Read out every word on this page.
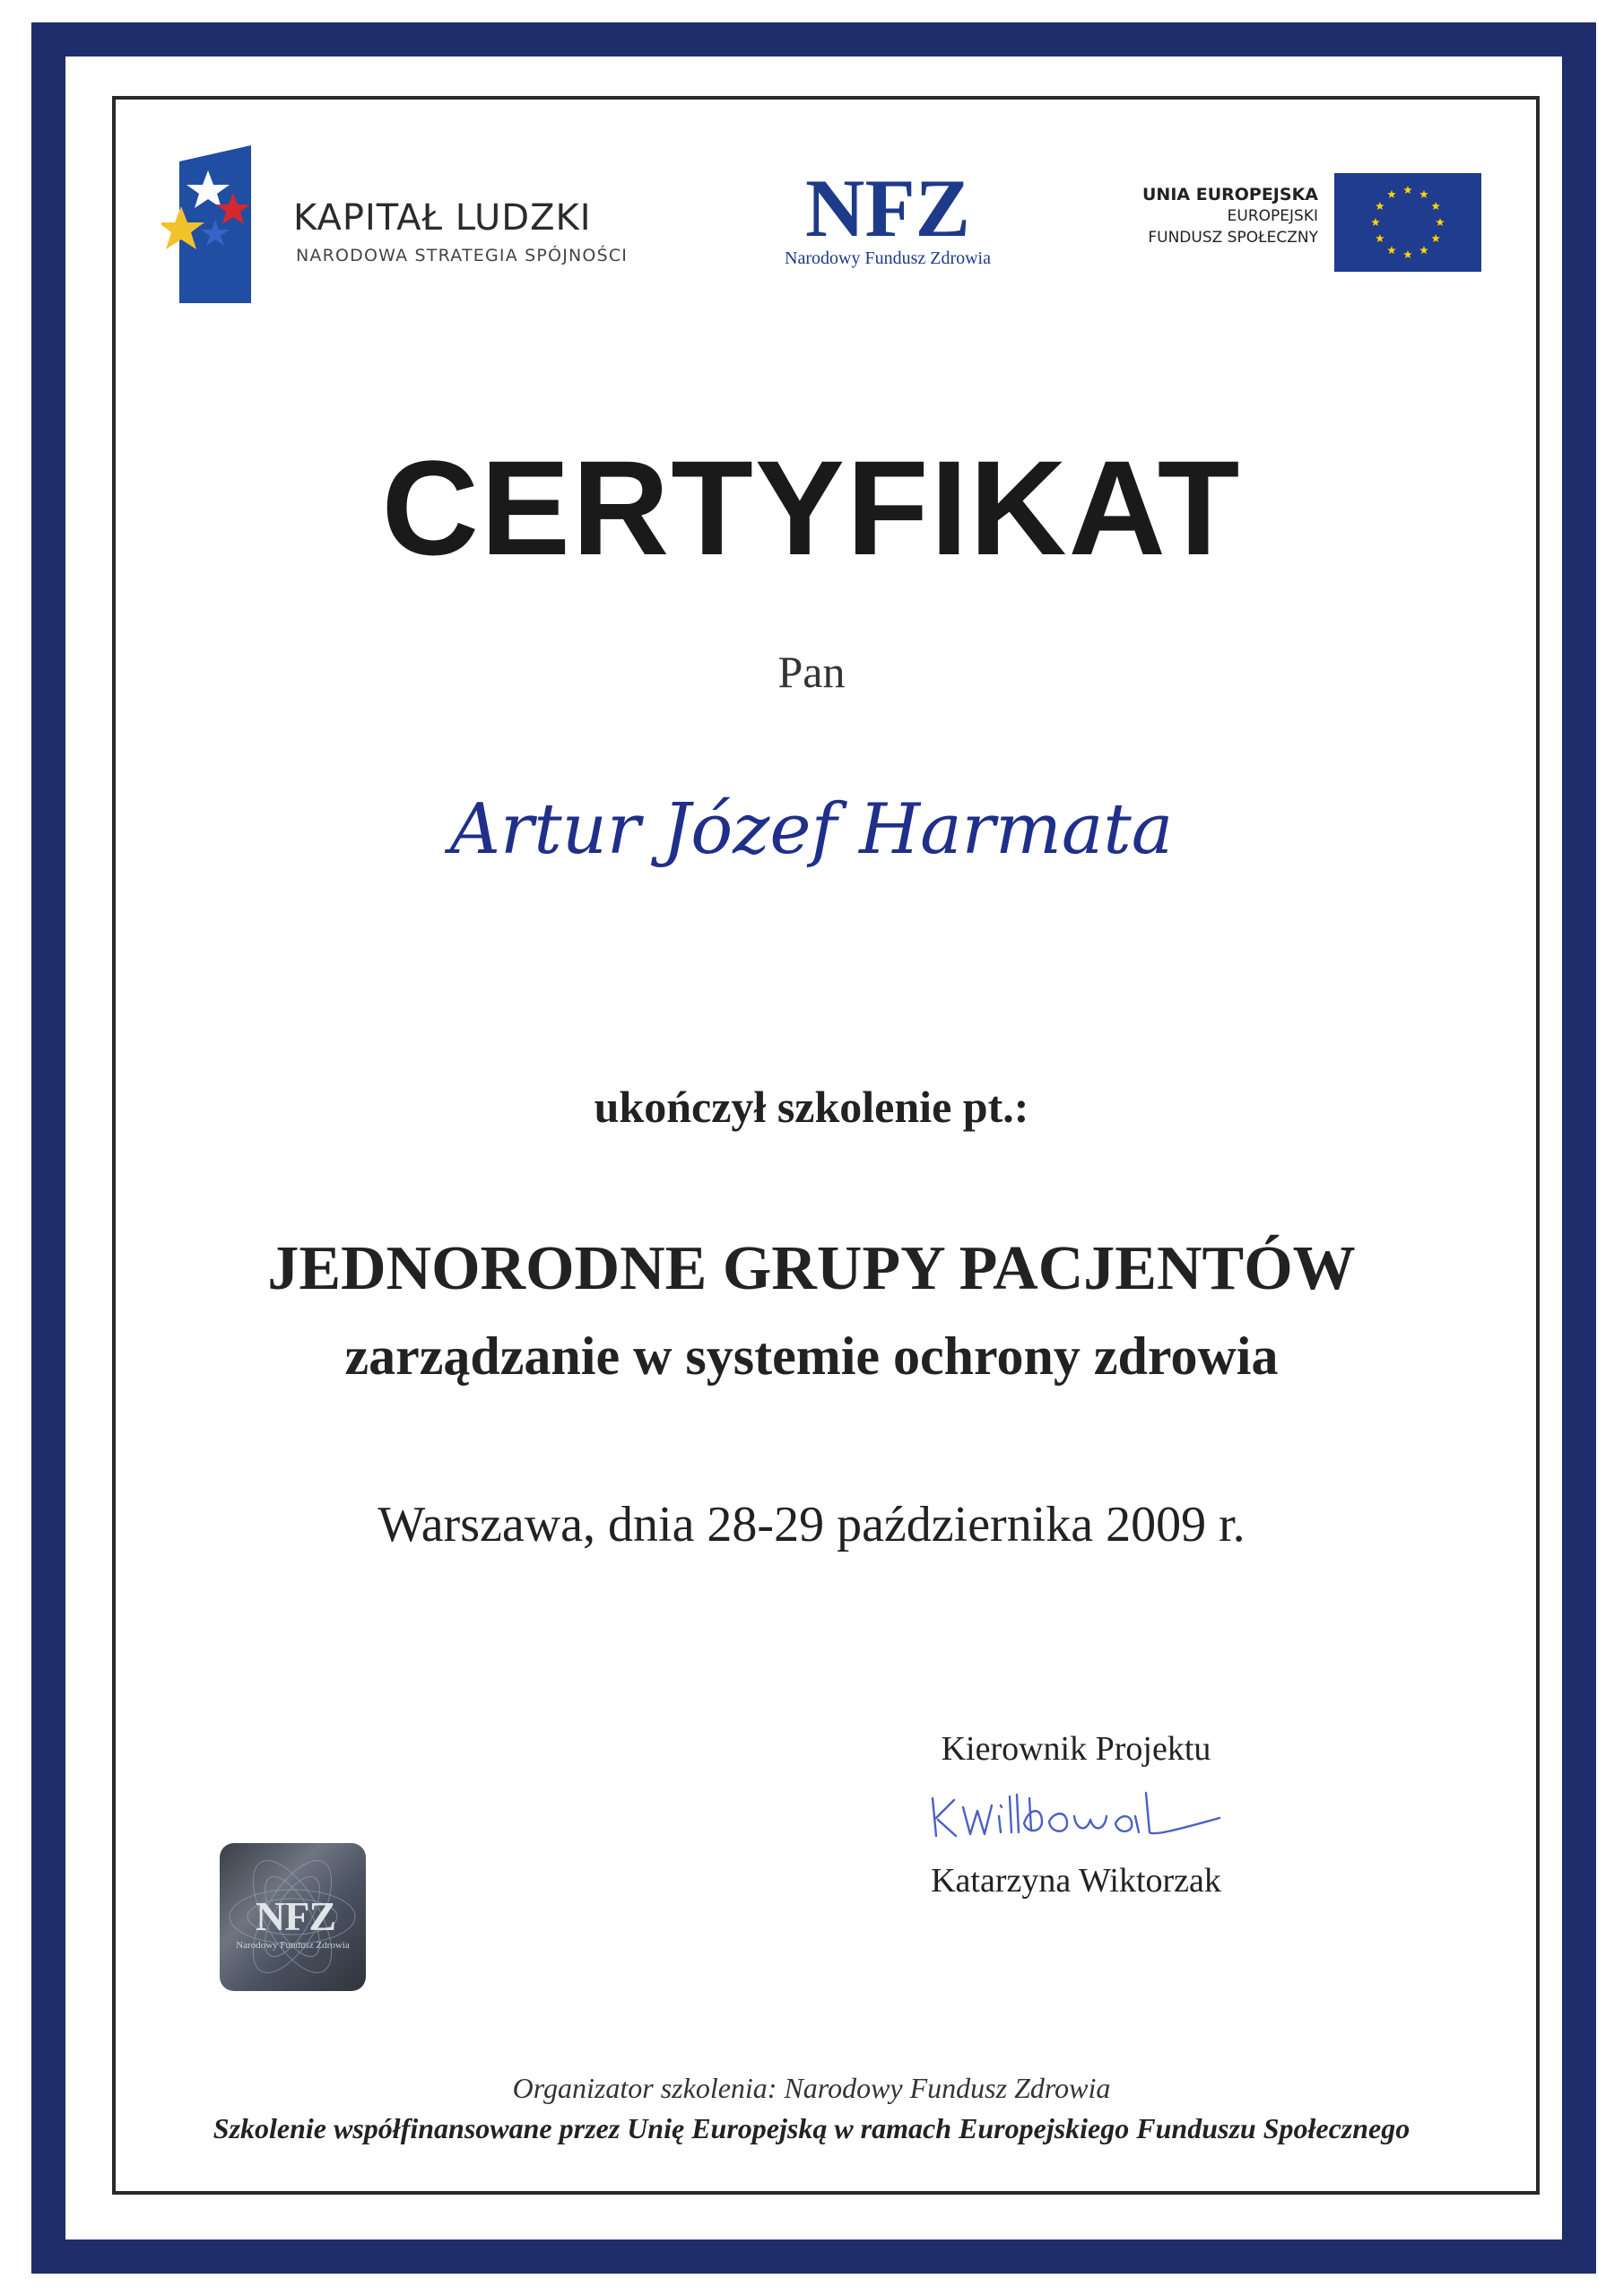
KAPITAŁ LUDZKI
NARODOWA STRATEGIA SPÓJNOŚCI
NFZ
Narodowy Fundusz Zdrowia
UNIA EUROPEJSKA
EUROPEJSKI
FUNDUSZ SPOŁECZNY
CERTYFIKAT
Pan
Artur Józef Harmata
ukończył szkolenie pt.:
JEDNORODNE GRUPY PACJENTÓW
zarządzanie w systemie ochrony zdrowia
Warszawa, dnia 28-29 października 2009 r.
Kierownik Projektu
Katarzyna Wiktorzak
NFZ
Narodowy Fundusz Zdrowia
Organizator szkolenia: Narodowy Fundusz Zdrowia
Szkolenie współfinansowane przez Unię Europejską w ramach Europejskiego Funduszu Społecznego
